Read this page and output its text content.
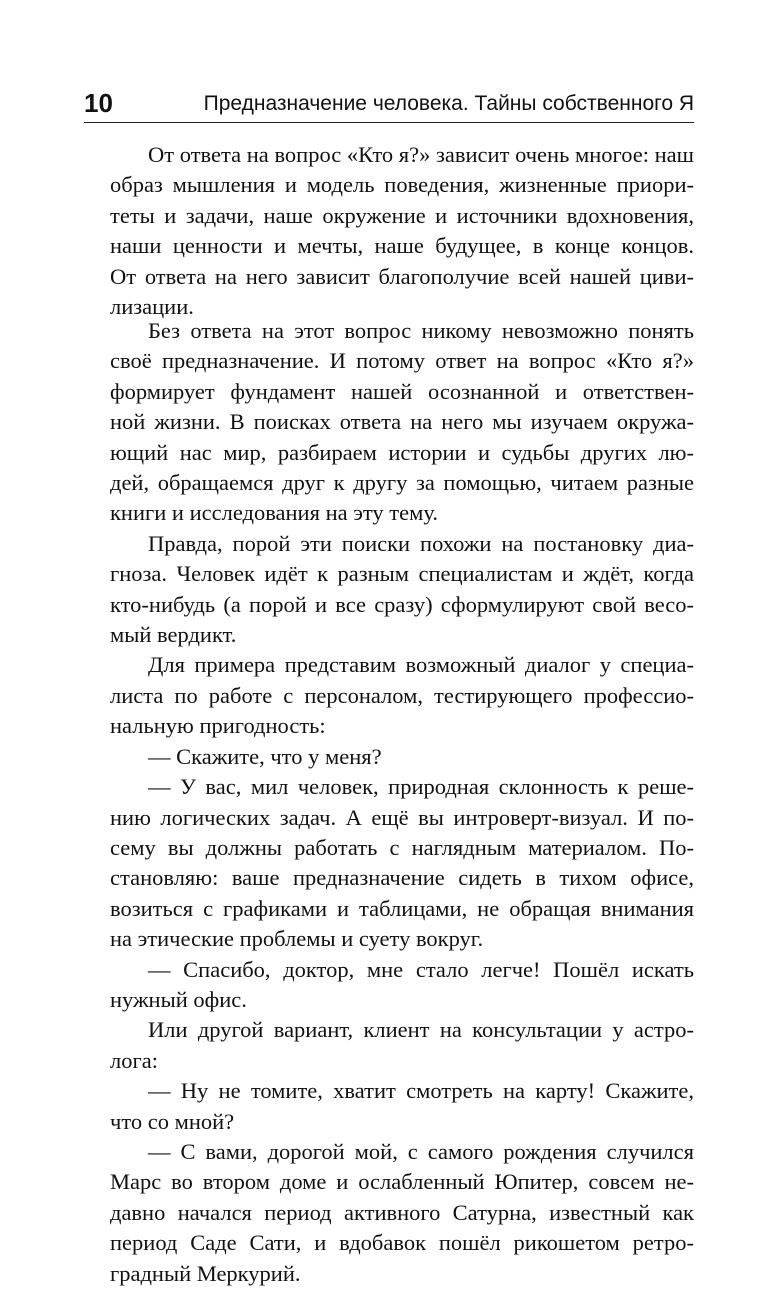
10	Предназначение человека. Тайны собственного Я
От ответа на вопрос «Кто я?» зависит очень многое: наш
образ мышления и модель поведения, жизненные приори-
теты и задачи, наше окружение и источники вдохновения,
наши ценности и мечты, наше будущее, в конце концов.
От ответа на него зависит благополучие всей нашей циви-
лизации.
Без ответа на этот вопрос никому невозможно понять
своё предназначение. И потому ответ на вопрос «Кто я?»
формирует фундамент нашей осознанной и ответствен-
ной жизни. В поисках ответа на него мы изучаем окружа-
ющий нас мир, разбираем истории и судьбы других лю-
дей, обращаемся друг к другу за помощью, читаем разные
книги и исследования на эту тему.
Правда, порой эти поиски похожи на постановку диа-
гноза. Человек идёт к разным специалистам и ждёт, когда
кто-нибудь (а порой и все сразу) сформулируют свой весо-
мый вердикт.
Для примера представим возможный диалог у специа-
листа по работе с персоналом, тестирующего профессио-
нальную пригодность:
— Скажите, что у меня?
— У вас, мил человек, природная склонность к реше-
нию логических задач. А ещё вы интроверт-визуал. И по-
сему вы должны работать с наглядным материалом. По-
становляю: ваше предназначение сидеть в тихом офисе,
возиться с графиками и таблицами, не обращая внимания
на этические проблемы и суету вокруг.
— Спасибо, доктор, мне стало легче! Пошёл искать
нужный офис.
Или другой вариант, клиент на консультации у астро-
лога:
— Ну не томите, хватит смотреть на карту! Скажите,
что со мной?
— С вами, дорогой мой, с самого рождения случился
Марс во втором доме и ослабленный Юпитер, совсем не-
давно начался период активного Сатурна, известный как
период Саде Сати, и вдобавок пошёл рикошетом ретро-
градный Меркурий.
